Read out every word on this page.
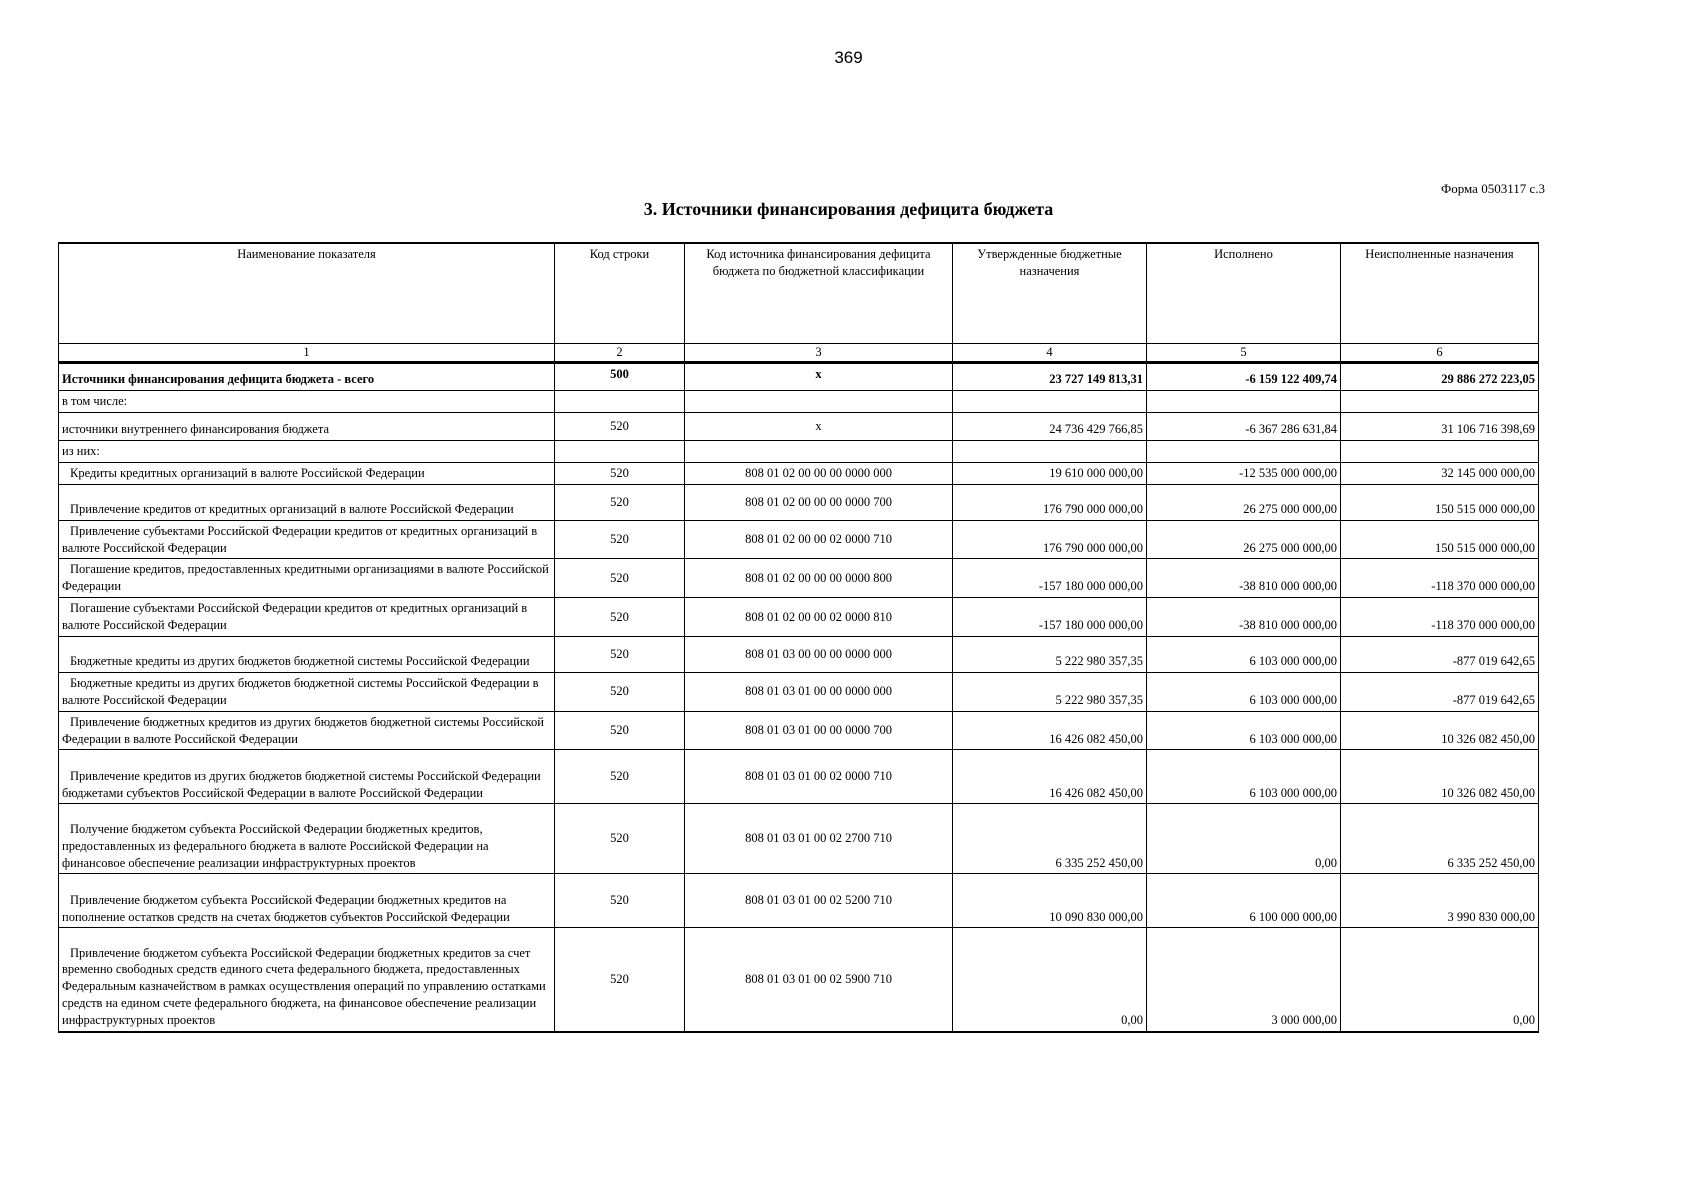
369
Форма 0503117 с.3
3. Источники финансирования дефицита бюджета
Наименование показателя	Код строки	Код источника финансирования дефицита бюджета по бюджетной классификации	Утвержденные бюджетные назначения	Исполнено	Неисполненные назначения
1	2	3	4	5	6
Источники финансирования дефицита бюджета - всего	500	x	23 727 149 813,31	-6 159 122 409,74	29 886 272 223,05
в том числе:					
источники внутреннего финансирования бюджета	520	x	24 736 429 766,85	-6 367 286 631,84	31 106 716 398,69
из них:					
Кредиты кредитных организаций в валюте Российской Федерации	520	808 01 02 00 00 00 0000 000	19 610 000 000,00	-12 535 000 000,00	32 145 000 000,00
Привлечение кредитов от кредитных организаций в валюте Российской Федерации	520	808 01 02 00 00 00 0000 700	176 790 000 000,00	26 275 000 000,00	150 515 000 000,00
Привлечение субъектами Российской Федерации кредитов от кредитных организаций в валюте Российской Федерации	520	808 01 02 00 00 02 0000 710	176 790 000 000,00	26 275 000 000,00	150 515 000 000,00
Погашение кредитов, предоставленных кредитными организациями в валюте Российской Федерации	520	808 01 02 00 00 00 0000 800	-157 180 000 000,00	-38 810 000 000,00	-118 370 000 000,00
Погашение субъектами Российской Федерации кредитов от кредитных организаций в валюте Российской Федерации	520	808 01 02 00 00 02 0000 810	-157 180 000 000,00	-38 810 000 000,00	-118 370 000 000,00
Бюджетные кредиты из других бюджетов бюджетной системы Российской Федерации	520	808 01 03 00 00 00 0000 000	5 222 980 357,35	6 103 000 000,00	-877 019 642,65
Бюджетные кредиты из других бюджетов бюджетной системы Российской Федерации в валюте Российской Федерации	520	808 01 03 01 00 00 0000 000	5 222 980 357,35	6 103 000 000,00	-877 019 642,65
Привлечение бюджетных кредитов из других бюджетов бюджетной системы Российской Федерации в валюте Российской Федерации	520	808 01 03 01 00 00 0000 700	16 426 082 450,00	6 103 000 000,00	10 326 082 450,00
Привлечение кредитов из других бюджетов бюджетной системы Российской Федерации бюджетами субъектов Российской Федерации в валюте Российской Федерации	520	808 01 03 01 00 02 0000 710	16 426 082 450,00	6 103 000 000,00	10 326 082 450,00
Получение бюджетом субъекта Российской Федерации бюджетных кредитов, предоставленных из федерального бюджета в валюте Российской Федерации на финансовое обеспечение реализации инфраструктурных проектов	520	808 01 03 01 00 02 2700 710	6 335 252 450,00	0,00	6 335 252 450,00
Привлечение бюджетом субъекта Российской Федерации бюджетных кредитов на пополнение остатков средств на счетах бюджетов субъектов Российской Федерации	520	808 01 03 01 00 02 5200 710	10 090 830 000,00	6 100 000 000,00	3 990 830 000,00
Привлечение бюджетом субъекта Российской Федерации бюджетных кредитов за счет временно свободных средств единого счета федерального бюджета, предоставленных Федеральным казначейством в рамках осуществления операций по управлению остатками средств на едином счете федерального бюджета, на финансовое обеспечение реализации инфраструктурных проектов	520	808 01 03 01 00 02 5900 710	0,00	3 000 000,00	0,00
